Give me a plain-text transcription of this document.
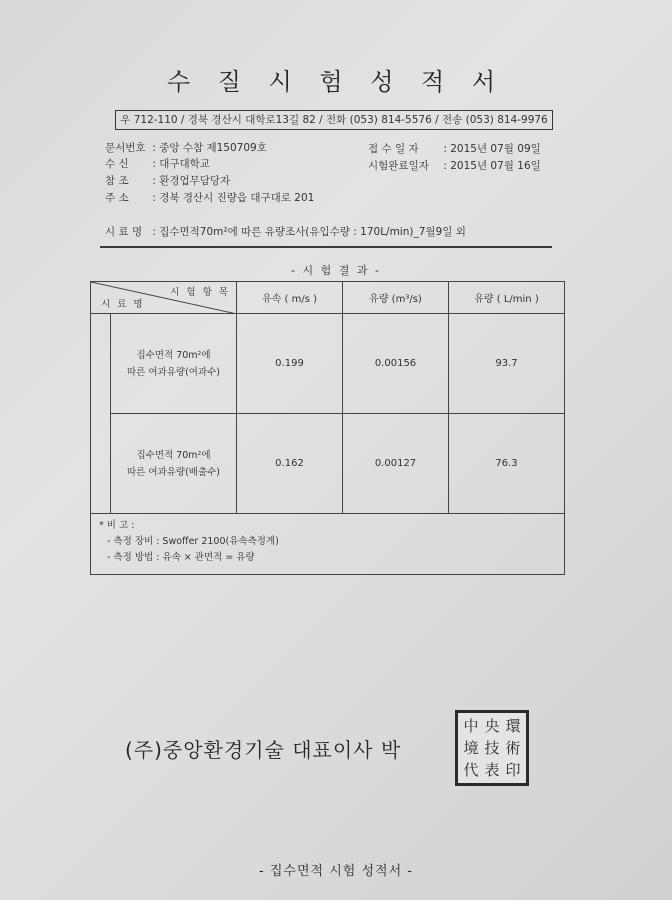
수 질 시 험 성 적 서
우 712-110 / 경북 경산시 대학로13길 82 / 전화 (053) 814-5576 / 전송 (053) 814-9976
문서번호 : 중앙 수참 제150709호
수 신 : 대구대학교
참 조 : 환경업무담당자
주 소 : 경북 경산시 진량읍 대구대로 201
접 수 일 자 : 2015년 07월 09일
시험완료일자 : 2015년 07월 16일
시 료 명 : 집수면적70m²에 따른 유량조사(유입수량 : 170L/min)_7월9일 외
- 시 험 결 과 -
시 험 항 목
시 료 명		유속 ( m/s )	유량 (m³/s)	유량 ( L/min )

	집수면적 70m²에
따른 여과유량(여과수)	0.199	0.00156	93.7

	집수면적 70m²에
따른 여과유량(배출수)	0.162	0.00127	76.3

* 비 고 :
- 측정 장비 : Swoffer 2100(유속측정계)
- 측정 방법 : 유속 × 관면적 = 유량				
(주)중앙환경기술 대표이사 박
中 央 環
境 技 術
代 表 印
- 집수면적 시험 성적서 -
